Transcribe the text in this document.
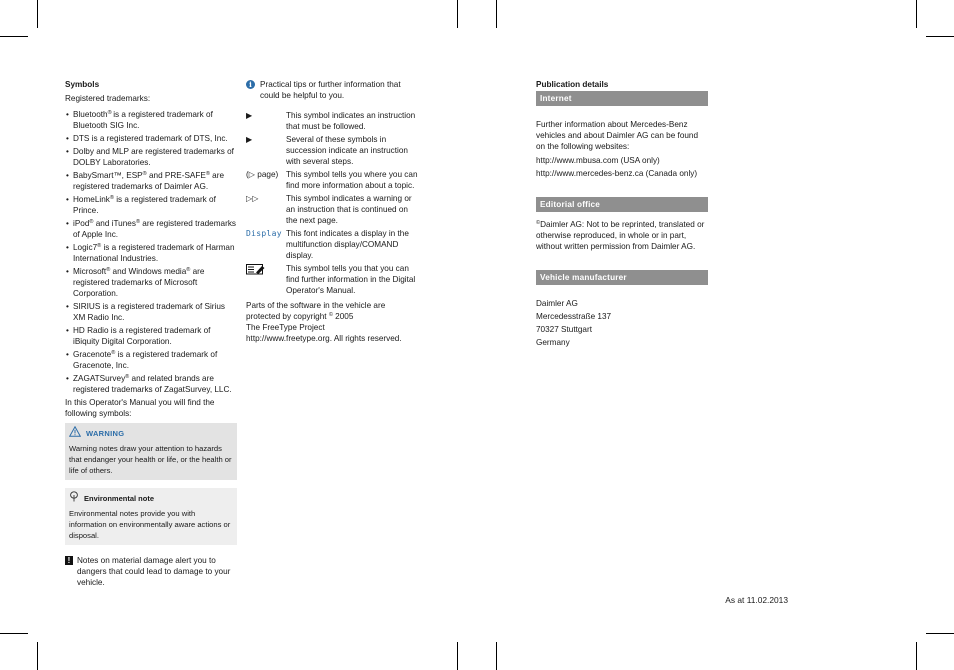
Symbols

Registered trademarks:

• Bluetooth® is a registered trademark of Bluetooth SIG Inc.
• DTS is a registered trademark of DTS, Inc.
• Dolby and MLP are registered trademarks of DOLBY Laboratories.
• BabySmart™, ESP® and PRE-SAFE® are registered trademarks of Daimler AG.
• HomeLink® is a registered trademark of Prince.
• iPod® and iTunes® are registered trademarks of Apple Inc.
• Logic7® is a registered trademark of Harman International Industries.
• Microsoft® and Windows media® are registered trademarks of Microsoft Corporation.
• SIRIUS is a registered trademark of Sirius XM Radio Inc.
• HD Radio is a registered trademark of iBiquity Digital Corporation.
• Gracenote® is a registered trademark of Gracenote, Inc.
• ZAGATSurvey® and related brands are registered trademarks of ZagatSurvey, LLC.

In this Operator's Manual you will find the following symbols:

WARNING
Warning notes draw your attention to hazards that endanger your health or life, or the health or life of others.
Environmental note
Environmental notes provide you with information on environmentally aware actions or disposal.
! Notes on material damage alert you to dangers that could lead to damage to your vehicle.
i Practical tips or further information that could be helpful to you.
▶	This symbol indicates an instruction that must be followed.
▶	Several of these symbols in succession indicate an instruction with several steps.
(▷ page) This symbol tells you where you can find more information about a topic.
▷▷	This symbol indicates a warning or an instruction that is continued on the next page.
Display This font indicates a display in the multifunction display/COMAND display.
This symbol tells you that you can find further information in the Digital Operator's Manual.

Parts of the software in the vehicle are protected by copyright © 2005

The FreeType Project
http://www.freetype.org. All rights reserved.
Publication details
Internet

Further information about Mercedes-Benz vehicles and about Daimler AG can be found on the following websites:

http://www.mbusa.com (USA only)
http://www.mercedes-benz.ca (Canada only)
Editorial office

©Daimler AG: Not to be reprinted, translated or otherwise reproduced, in whole or in part, without written permission from Daimler AG.

Vehicle manufacturer
Daimler AG
Mercedesstraße 137
70327 Stuttgart
Germany
As at 11.02.2013
